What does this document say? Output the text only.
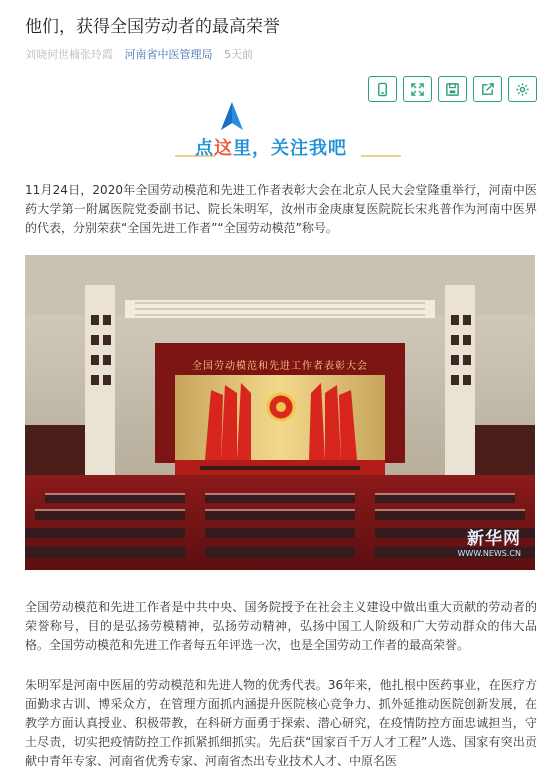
他们，获得全国劳动者的最高荣誉
刘晓何世楠张玲霞 河南省中医管理局 5天前
点这里，关注我吧

11月24日，2020年全国劳动模范和先进工作者表彰大会在北京人民大会堂隆重举行，河南中医药大学第一附属医院党委副书记、院长朱明军，汝州市金庚康复医院院长宋兆普作为河南中医界的代表，分别荣获“全国先进工作者”“全国劳动模范”称号。

全国劳动模范和先进工作者表彰大会
新华网
WWW.NEWS.CN

全国劳动模范和先进工作者是中共中央、国务院授予在社会主义建设中做出重大贡献的劳动者的荣誉称号，目的是弘扬劳模精神，弘扬劳动精神，弘扬中国工人阶级和广大劳动群众的伟大品格。全国劳动模范和先进工作者每五年评选一次，也是全国劳动工作者的最高荣誉。

朱明军是河南中医届的劳动模范和先进人物的优秀代表。36年来，他扎根中医药事业，在医疗方面勤求古训、博采众方，在管理方面抓内涵提升医院核心竞争力、抓外延推动医院创新发展，在教学方面认真授业、积极带教，在科研方面勇于探索、潜心研究，在疫情防控方面忠诚担当，守土尽责，切实把疫情防控工作抓紧抓细抓实。先后获“国家百千万人才工程”人选、国家有突出贡献中青年专家、河南省优秀专家、河南省杰出专业技术人才、中原名医
